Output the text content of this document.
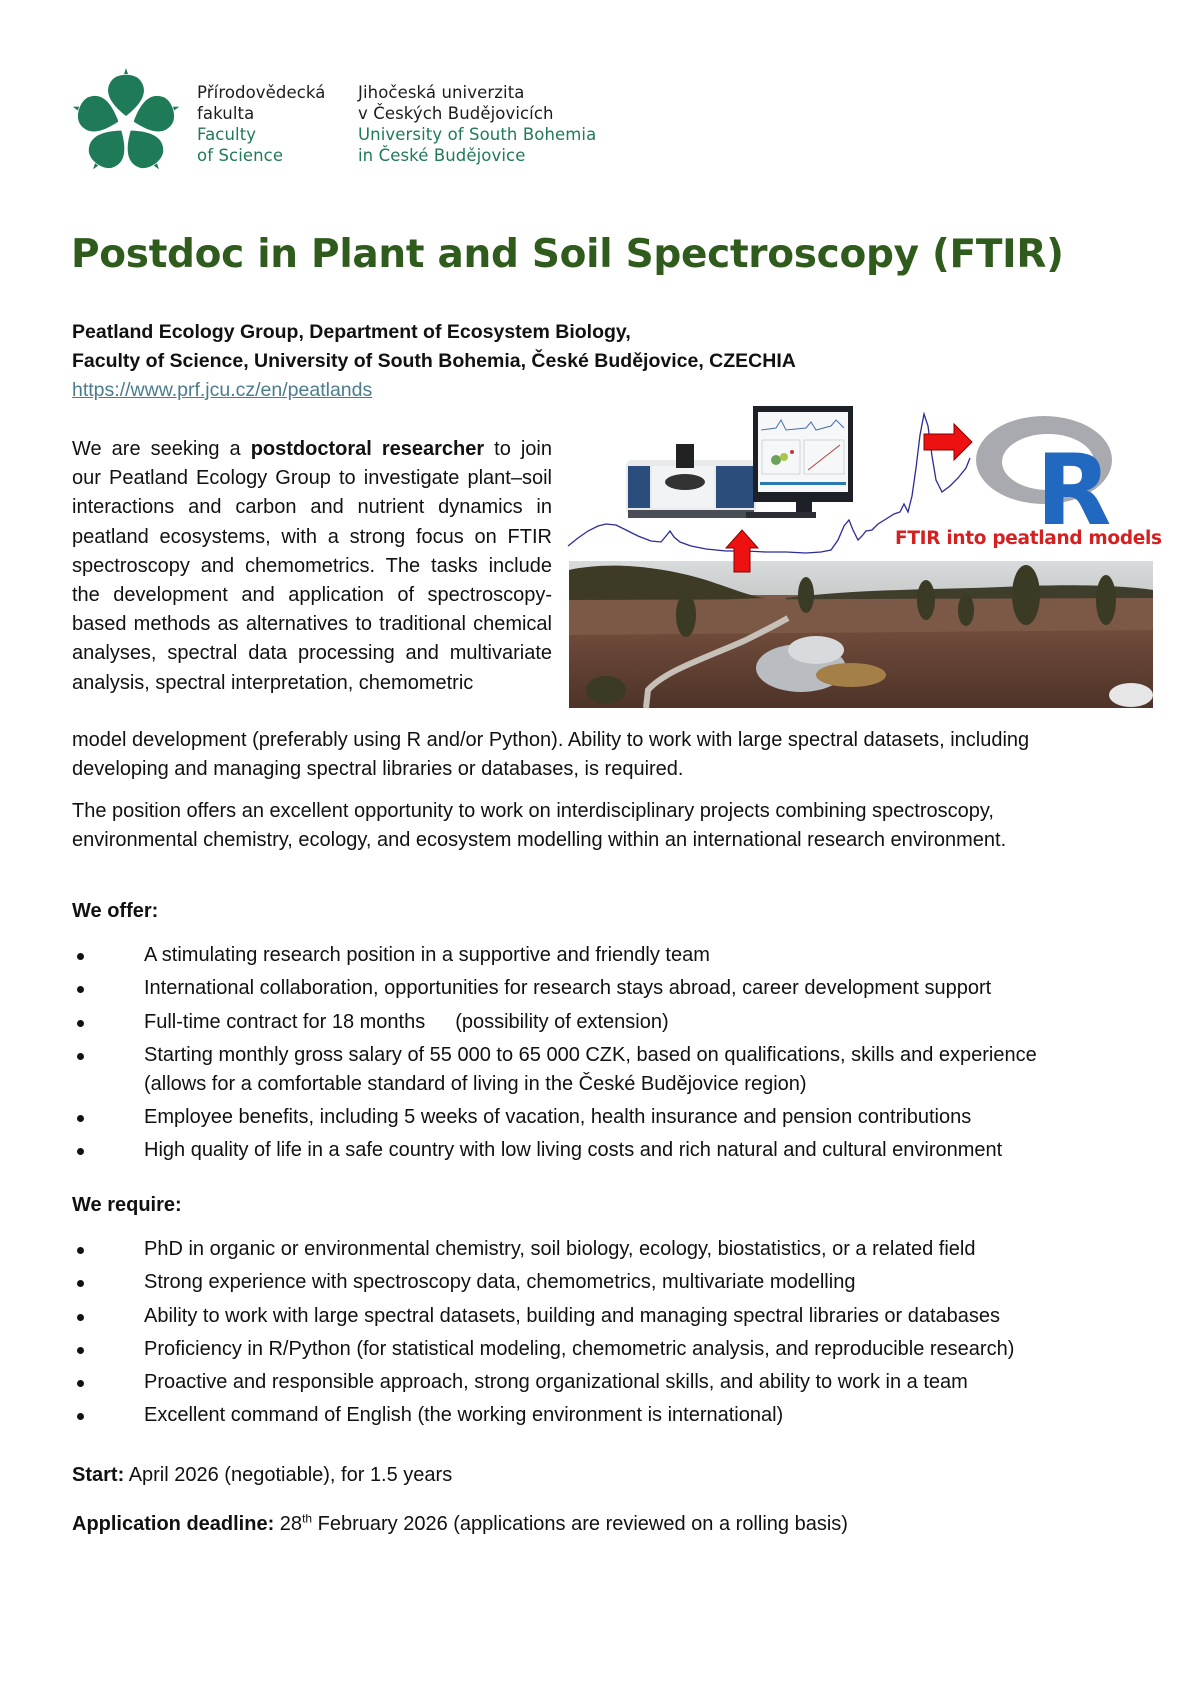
Přírodovědecká
fakulta
Faculty
of Science
Jihočeská univerzita
v Českých Budějovicích
University of South Bohemia
in České Budějovice
Postdoc in Plant and Soil Spectroscopy (FTIR)
Peatland Ecology Group, Department of Ecosystem Biology,
Faculty of Science, University of South Bohemia, České Budějovice, CZECHIA
https://www.prf.jcu.cz/en/peatlands
R
FTIR into peatland models
We are seeking a postdoctoral researcher to join our Peatland Ecology Group to investigate plant–soil interactions and carbon and nutrient dynamics in peatland ecosystems, with a strong focus on FTIR spectroscopy and chemometrics. The tasks include the development and application of spectroscopy-based methods as alternatives to traditional chemical analyses, spectral data processing and multivariate analysis, spectral interpretation, chemometric
model development (preferably using R and/or Python). Ability to work with large spectral datasets, including
developing and managing spectral libraries or databases, is required.
The position offers an excellent opportunity to work on interdisciplinary projects combining spectroscopy,
environmental chemistry, ecology, and ecosystem modelling within an international research environment.
We offer:
A stimulating research position in a supportive and friendly team
International collaboration, opportunities for research stays abroad, career development support
Full-time contract for 18 months  (possibility of extension)
Starting monthly gross salary of 55 000 to 65 000 CZK, based on qualifications, skills and experience
(allows for a comfortable standard of living in the České Budějovice region)
Employee benefits, including 5 weeks of vacation, health insurance and pension contributions
High quality of life in a safe country with low living costs and rich natural and cultural environment
We require:
PhD in organic or environmental chemistry, soil biology, ecology, biostatistics, or a related field
Strong experience with spectroscopy data, chemometrics, multivariate modelling
Ability to work with large spectral datasets, building and managing spectral libraries or databases
Proficiency in R/Python (for statistical modeling, chemometric analysis, and reproducible research)
Proactive and responsible approach, strong organizational skills, and ability to work in a team
Excellent command of English (the working environment is international)
Start: April 2026 (negotiable), for 1.5 years
Application deadline: 28th February 2026 (applications are reviewed on a rolling basis)
